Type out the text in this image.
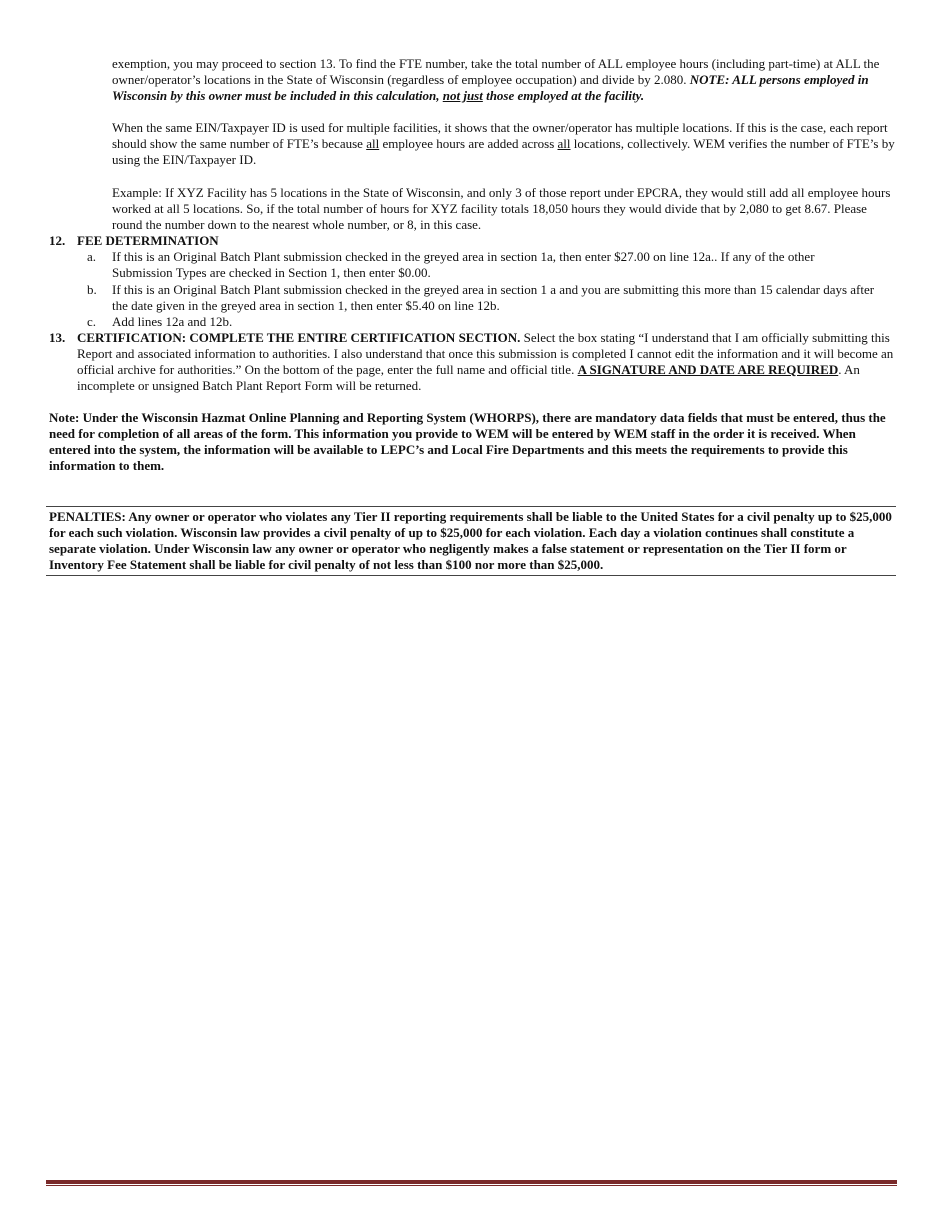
exemption, you may proceed to section 13. To find the FTE number, take the total number of ALL employee hours (including part-time) at ALL the owner/operator’s locations in the State of Wisconsin (regardless of employee occupation) and divide by 2.080. NOTE: ALL persons employed in Wisconsin by this owner must be included in this calculation, not just those employed at the facility.

When the same EIN/Taxpayer ID is used for multiple facilities, it shows that the owner/operator has multiple locations. If this is the case, each report should show the same number of FTE’s because all employee hours are added across all locations, collectively. WEM verifies the number of FTE’s by using the EIN/Taxpayer ID.

Example: If XYZ Facility has 5 locations in the State of Wisconsin, and only 3 of those report under EPCRA, they would still add all employee hours worked at all 5 locations. So, if the total number of hours for XYZ facility totals 18,050 hours they would divide that by 2,080 to get 8.67. Please round the number down to the nearest whole number, or 8, in this case.

12. FEE DETERMINATION
a.	If this is an Original Batch Plant submission checked in the greyed area in section 1a, then enter $27.00 on line 12a.. If any of the other Submission Types are checked in Section 1, then enter $0.00.

b.	If this is an Original Batch Plant submission checked in the greyed area in section 1 a and you are submitting this more than 15 calendar days after the date given in the greyed area in section 1, then enter $5.40 on line 12b.

c.	Add lines 12a and 12b.

13. CERTIFICATION: COMPLETE THE ENTIRE CERTIFICATION SECTION. Select the box stating “I understand that I am officially submitting this Report and associated information to authorities. I also understand that once this submission is completed I cannot edit the information and it will become an official archive for authorities.” On the bottom of the page, enter the full name and official title. A SIGNATURE AND DATE ARE REQUIRED. An incomplete or unsigned Batch Plant Report Form will be returned.

Note: Under the Wisconsin Hazmat Online Planning and Reporting System (WHORPS), there are mandatory data fields that must be entered, thus the need for completion of all areas of the form. This information you provide to WEM will be entered by WEM staff in the order it is received. When entered into the system, the information will be available to LEPC’s and Local Fire Departments and this meets the requirements to provide this information to them.

PENALTIES: Any owner or operator who violates any Tier II reporting requirements shall be liable to the United States for a civil penalty up to $25,000 for each such violation. Wisconsin law provides a civil penalty of up to $25,000 for each violation. Each day a violation continues shall constitute a separate violation. Under Wisconsin law any owner or operator who negligently makes a false statement or representation on the Tier II form or Inventory Fee Statement shall be liable for civil penalty of not less than $100 nor more than $25,000.
